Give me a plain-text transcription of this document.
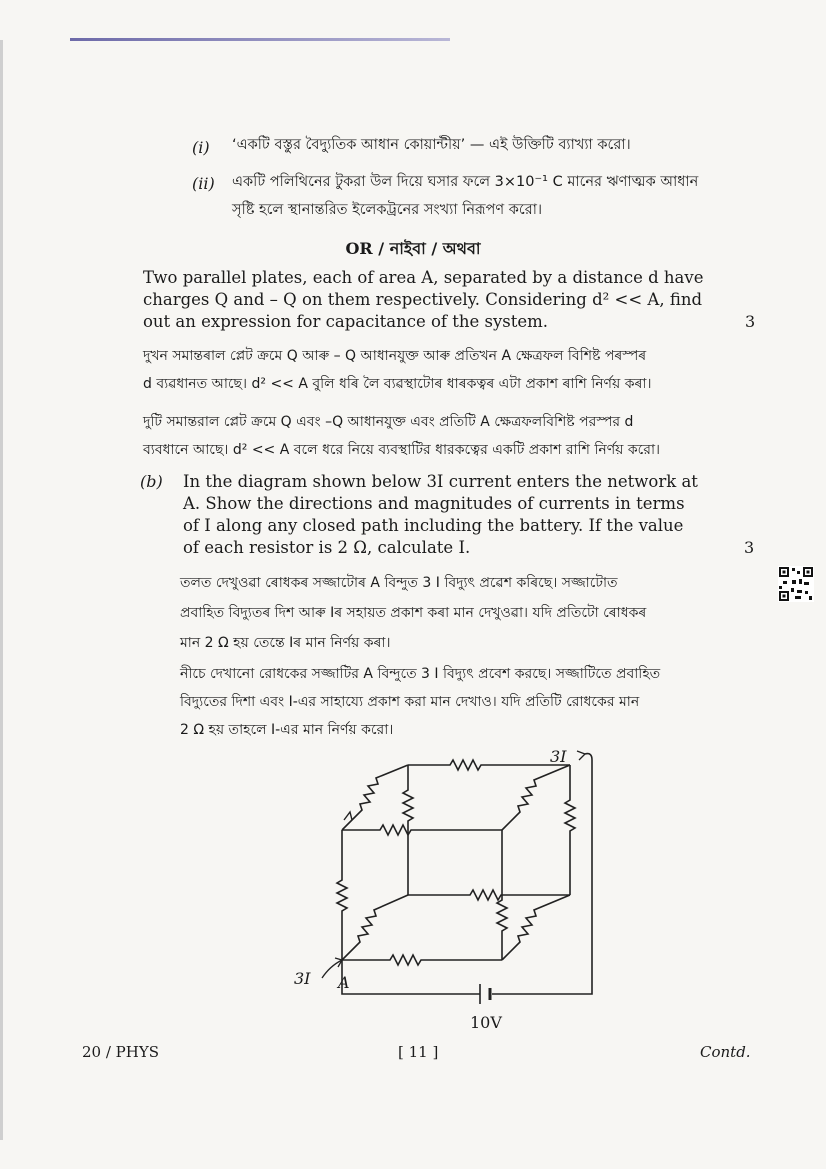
(i) ‘একটি বস্তুর বৈদ্যুতিক আধান কোয়ান্টীয়’ — এই উক্তিটি ব্যাখ্যা করো।
(ii) একটি পলিথিনের টুকরা উল দিয়ে ঘসার ফলে 3×10⁻¹ C মানের ঋণাত্মক আধান
সৃষ্টি হলে স্থানান্তরিত ইলেকট্রনের সংখ্যা নিরূপণ করো।
OR / নাইবা / অথবা
Two parallel plates, each of area A, separated by a distance d have
charges Q and – Q on them respectively. Considering d² << A, find
out an expression for capacitance of the system.	3
দুখন সমান্তৰাল প্লেট ক্ৰমে Q আৰু – Q আধানযুক্ত আৰু প্ৰতিখন A ক্ষেত্ৰফল বিশিষ্ট পৰস্পৰ
d ব্যৱধানত আছে। d² << A বুলি ধৰি লৈ ব্যৱস্থাটোৰ ধাৰকত্বৰ এটা প্ৰকাশ ৰাশি নিৰ্ণয় কৰা।
দুটি সমান্তরাল প্লেট ক্রমে Q এবং –Q আধানযুক্ত এবং প্রতিটি A ক্ষেত্রফলবিশিষ্ট পরস্পর d
ব্যবধানে আছে। d² << A বলে ধরে নিয়ে ব্যবস্থাটির ধারকত্বের একটি প্রকাশ রাশি নির্ণয় করো।
(b) In the diagram shown below 3I current enters the network at
A. Show the directions and magnitudes of currents in terms
of I along any closed path including the battery. If the value
of each resistor is 2 Ω, calculate I.	3
তলত দেখুওৱা ৰোধকৰ সজ্জাটোৰ A বিন্দুত 3 I বিদ্যুৎ প্ৰৱেশ কৰিছে। সজ্জাটোত
প্ৰবাহিত বিদ্যুতৰ দিশ আৰু Iৰ সহায়ত প্ৰকাশ কৰা মান দেখুওৱা। যদি প্ৰতিটো ৰোধকৰ
মান 2 Ω হয় তেন্তে Iৰ মান নিৰ্ণয় কৰা।
নীচে দেখানো রোধকের সজ্জাটির A বিন্দুতে 3 I বিদ্যুৎ প্রবেশ করছে। সজ্জাটিতে প্রবাহিত
বিদ্যুতের দিশা এবং I-এর সাহায্যে প্রকাশ করা মান দেখাও। যদি প্রতিটি রোধকের মান
2 Ω হয় তাহলে I-এর মান নির্ণয় করো।
3I
3I A
10V
20 / PHYS	[ 11 ]	Contd.
